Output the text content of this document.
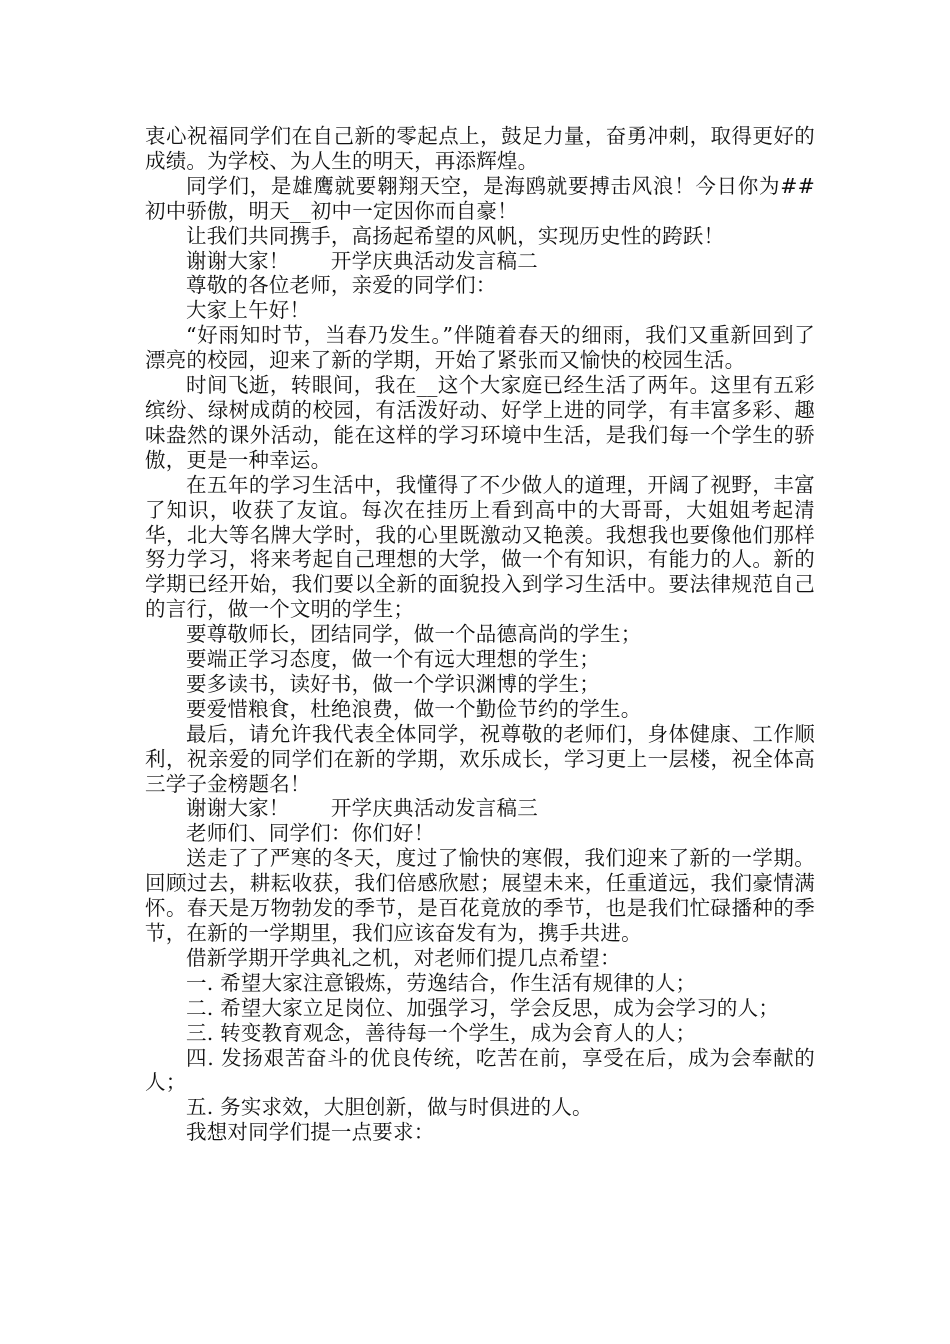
衷心祝福同学们在自己新的零起点上，鼓足力量，奋勇冲刺，取得更好的成绩。为学校、为人生的明天，再添辉煌。

同学们，是雄鹰就要翱翔天空，是海鸥就要搏击风浪！今日你为##初中骄傲，明天__初中一定因你而自豪！

让我们共同携手，高扬起希望的风帆，实现历史性的跨跃！

谢谢大家！　　开学庆典活动发言稿二

尊敬的各位老师，亲爱的同学们：

大家上午好！

“好雨知时节，当春乃发生。”伴随着春天的细雨，我们又重新回到了漂亮的校园，迎来了新的学期，开始了紧张而又愉快的校园生活。

时间飞逝，转眼间，我在__这个大家庭已经生活了两年。这里有五彩缤纷、绿树成荫的校园，有活泼好动、好学上进的同学，有丰富多彩、趣味盎然的课外活动，能在这样的学习环境中生活，是我们每一个学生的骄傲，更是一种幸运。

在五年的学习生活中，我懂得了不少做人的道理，开阔了视野，丰富了知识，收获了友谊。每次在挂历上看到高中的大哥哥，大姐姐考起清华，北大等名牌大学时，我的心里既激动又艳羡。我想我也要像他们那样努力学习，将来考起自己理想的大学，做一个有知识，有能力的人。新的学期已经开始，我们要以全新的面貌投入到学习生活中。要法律规范自己的言行，做一个文明的学生；

要尊敬师长，团结同学，做一个品德高尚的学生；

要端正学习态度，做一个有远大理想的学生；

要多读书，读好书，做一个学识渊博的学生；

要爱惜粮食，杜绝浪费，做一个勤俭节约的学生。

最后，请允许我代表全体同学，祝尊敬的老师们，身体健康、工作顺利，祝亲爱的同学们在新的学期，欢乐成长，学习更上一层楼，祝全体高三学子金榜题名！

谢谢大家！　　开学庆典活动发言稿三

老师们、同学们：你们好！

送走了了严寒的冬天，度过了愉快的寒假，我们迎来了新的一学期。回顾过去，耕耘收获，我们倍感欣慰；展望未来，任重道远，我们豪情满怀。春天是万物勃发的季节，是百花竟放的季节，也是我们忙碌播种的季节，在新的一学期里，我们应该奋发有为，携手共进。

借新学期开学典礼之机，对老师们提几点希望：

一. 希望大家注意锻炼，劳逸结合，作生活有规律的人；

二. 希望大家立足岗位、加强学习，学会反思，成为会学习的人；

三. 转变教育观念，善待每一个学生，成为会育人的人；

四. 发扬艰苦奋斗的优良传统，吃苦在前，享受在后，成为会奉献的人；

五. 务实求效，大胆创新，做与时俱进的人。

我想对同学们提一点要求：
